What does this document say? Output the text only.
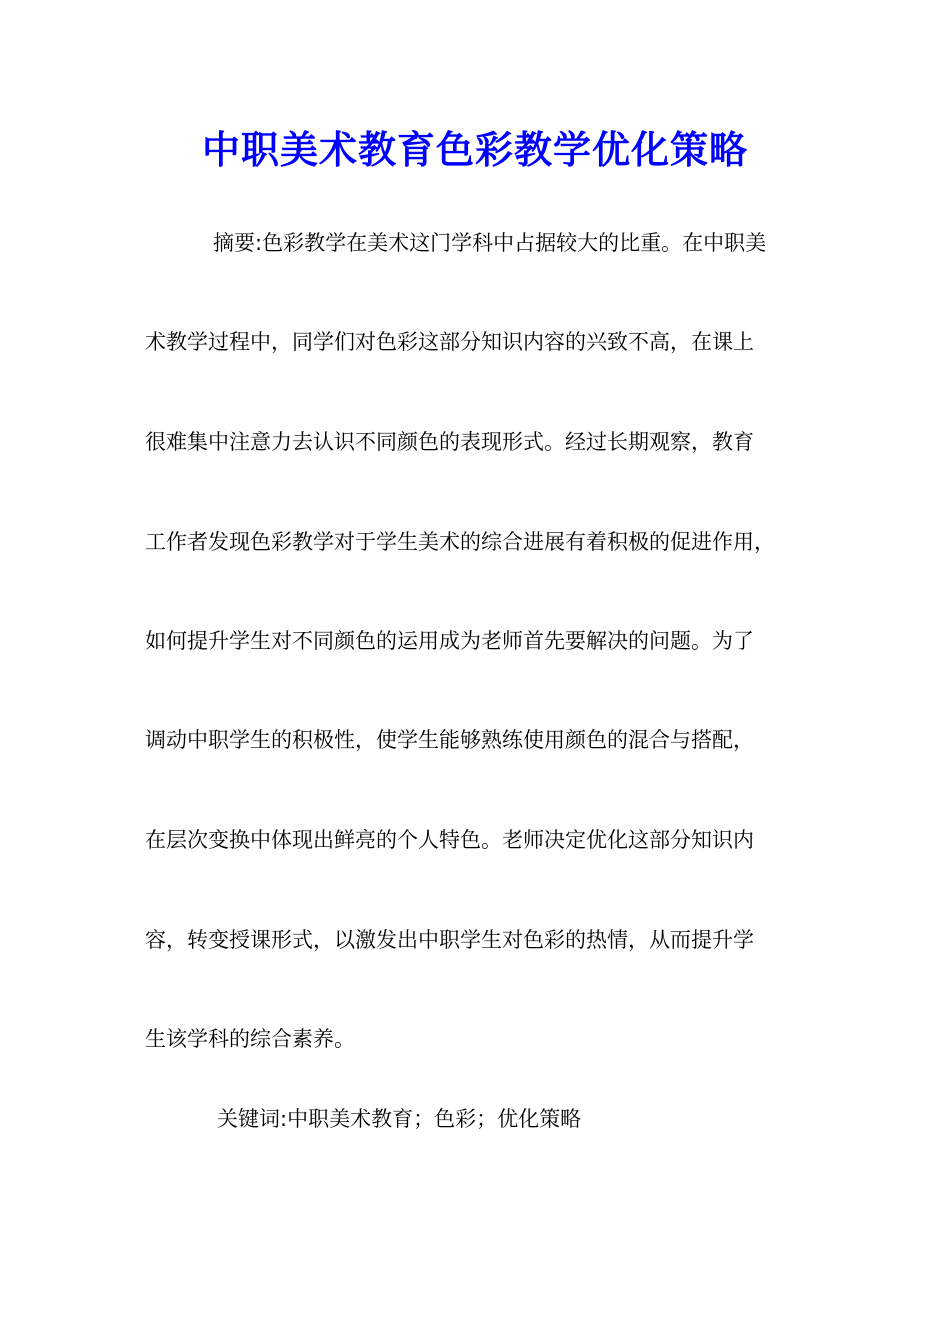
中职美术教育色彩教学优化策略

摘要:色彩教学在美术这门学科中占据较大的比重。在中职美

术教学过程中，同学们对色彩这部分知识内容的兴致不高，在课上

很难集中注意力去认识不同颜色的表现形式。经过长期观察，教育

工作者发现色彩教学对于学生美术的综合进展有着积极的促进作用，

如何提升学生对不同颜色的运用成为老师首先要解决的问题。为了

调动中职学生的积极性，使学生能够熟练使用颜色的混合与搭配，

在层次变换中体现出鲜亮的个人特色。老师决定优化这部分知识内

容，转变授课形式，以激发出中职学生对色彩的热情，从而提升学

生该学科的综合素养。

关键词:中职美术教育；色彩；优化策略
